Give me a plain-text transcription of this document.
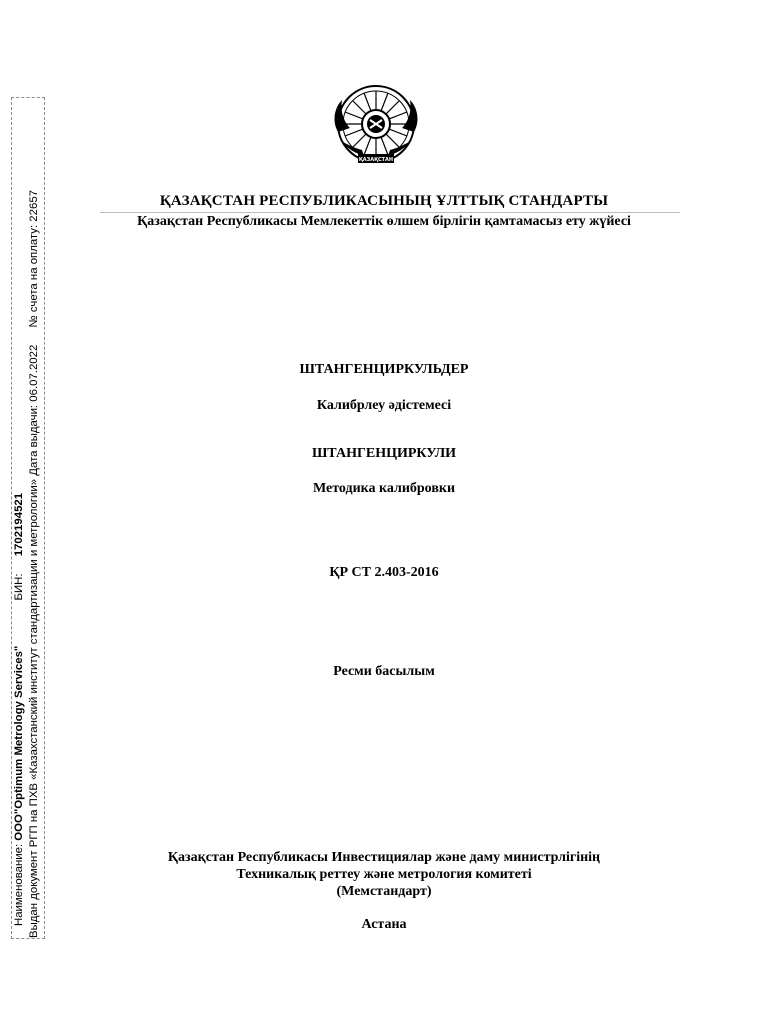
Наименование: ООО"Optimum Metrology Services" БИН: 1702194521 Выдан документ РГП на ПХВ «Казахстанский институт стандартизации и метрологии» Дата выдачи: 06.07.2022 № счета на оплату: 22657
ҚАЗАҚСТАН
ҚАЗАҚСТАН РЕСПУБЛИКАСЫНЫҢ ҰЛТТЫҚ СТАНДАРТЫ
Қазақстан Республикасы Мемлекеттік өлшем бірлігін қамтамасыз ету жүйесі
ШТАНГЕНЦИРКУЛЬДЕР
Калибрлеу әдістемесі
ШТАНГЕНЦИРКУЛИ
Методика калибровки
ҚР СТ 2.403-2016
Ресми басылым
Қазақстан Республикасы Инвестициялар және даму министрлігінің
Техникалық реттеу және метрология комитеті
(Мемстандарт)
Астана
